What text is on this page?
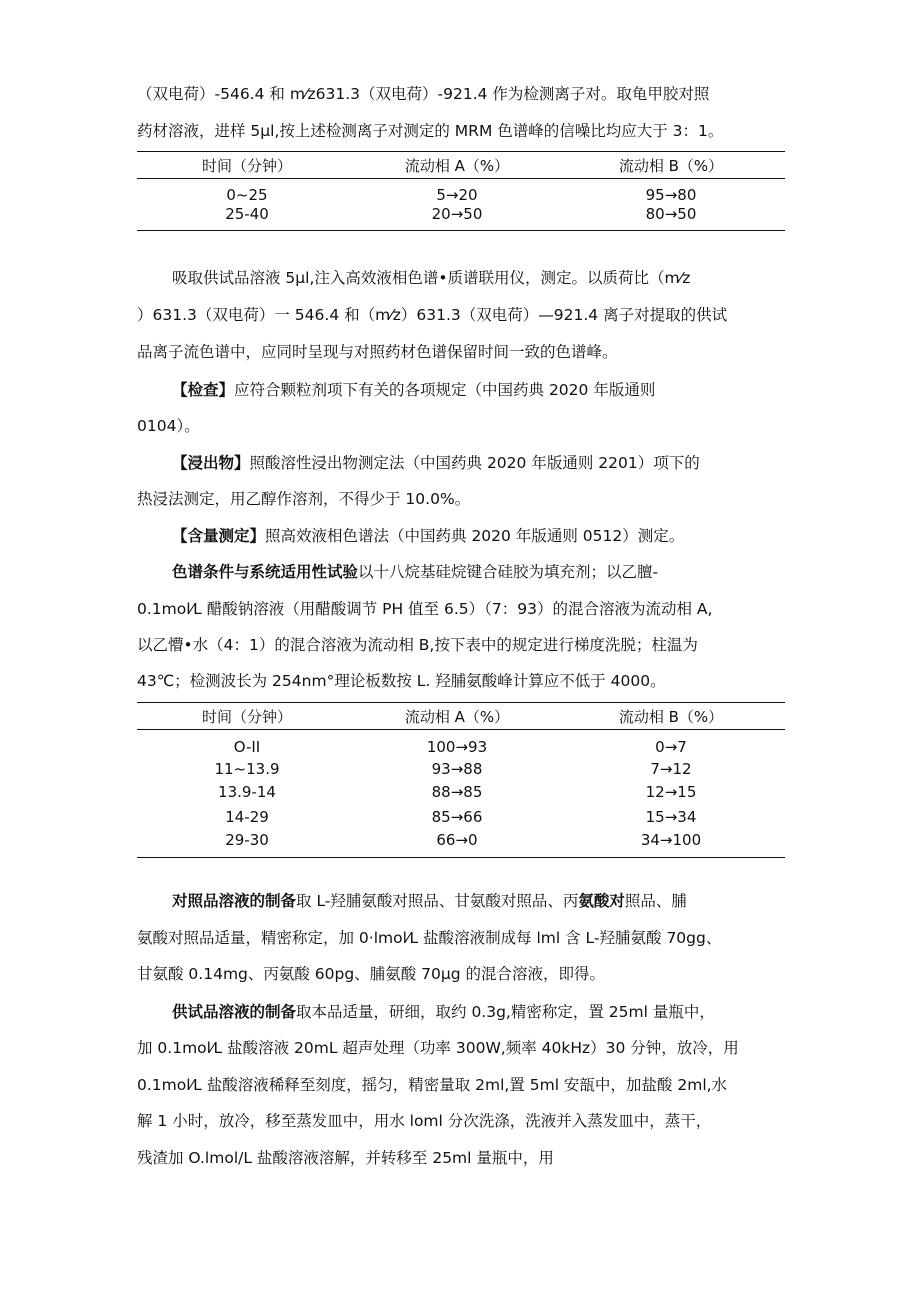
（双电荷）-546.4 和 m⁄z631.3（双电荷）-921.4 作为检测离子对。取龟甲胶对照

药材溶液，进样 5μl,按上述检测离子对测定的 MRM 色谱峰的信噪比均应大于 3：1。

时间（分钟）	流动相 A（%）	流动相 B（%）
0~25	5→20	95→80
25-40	20→50	80→50

吸取供试品溶液 5μl,注入高效液相色谱•质谱联用仪，测定。以质荷比（m⁄z

）631.3（双电荷）一 546.4 和（m⁄z）631.3（双电荷）—921.4 离子对提取的供试

品离子流色谱中，应同时呈现与对照药材色谱保留时间一致的色谱峰。

【检查】应符合颗粒剂项下有关的各项规定（中国药典 2020 年版通则

0104）。

【浸出物】照酸溶性浸出物测定法（中国药典 2020 年版通则 2201）项下的

热浸法测定，用乙醇作溶剂，不得少于 10.0%。

【含量测定】照高效液相色谱法（中国药典 2020 年版通则 0512）测定。

色谱条件与系统适用性试验以十八烷基硅烷键合硅胶为填充剂；以乙膻-

0.1mol⁄L 醋酸钠溶液（用醋酸调节 PH 值至 6.5）（7：93）的混合溶液为流动相 A,

以乙懵•水（4：1）的混合溶液为流动相 B,按下表中的规定进行梯度洗脱；柱温为

43℃；检测波长为 254nm°理论板数按 L. 羟脯氨酸峰计算应不低于 4000。

时间（分钟）	流动相 A（%）	流动相 B（%）
O-II	100→93	0→7
11~13.9	93→88	7→12
13.9-14	88→85	12→15
14-29	85→66	15→34
29-30	66→0	34→100

对照品溶液的制备取 L-羟脯氨酸对照品、甘氨酸对照品、丙氨酸对照品、脯

氨酸对照品适量，精密称定，加 0·lmol⁄L 盐酸溶液制成每 lml 含 L-羟脯氨酸 70gg、

甘氨酸 0.14mg、丙氨酸 60pg、脯氨酸 70μg 的混合溶液，即得。

供试品溶液的制备取本品适量，研细，取约 0.3g,精密称定，置 25ml 量瓶中，

加 0.1mol⁄L 盐酸溶液 20mL 超声处理（功率 300W,频率 40kHz）30 分钟，放冷，用

0.1mol⁄L 盐酸溶液稀释至刻度，摇匀，精密量取 2ml,置 5ml 安瓿中，加盐酸 2ml,水

解 1 小时，放冷，移至蒸发皿中，用水 loml 分次洗涤，洗液并入蒸发皿中，蒸干，

残渣加 O.lmol/L 盐酸溶液溶解，并转移至 25ml 量瓶中，用
